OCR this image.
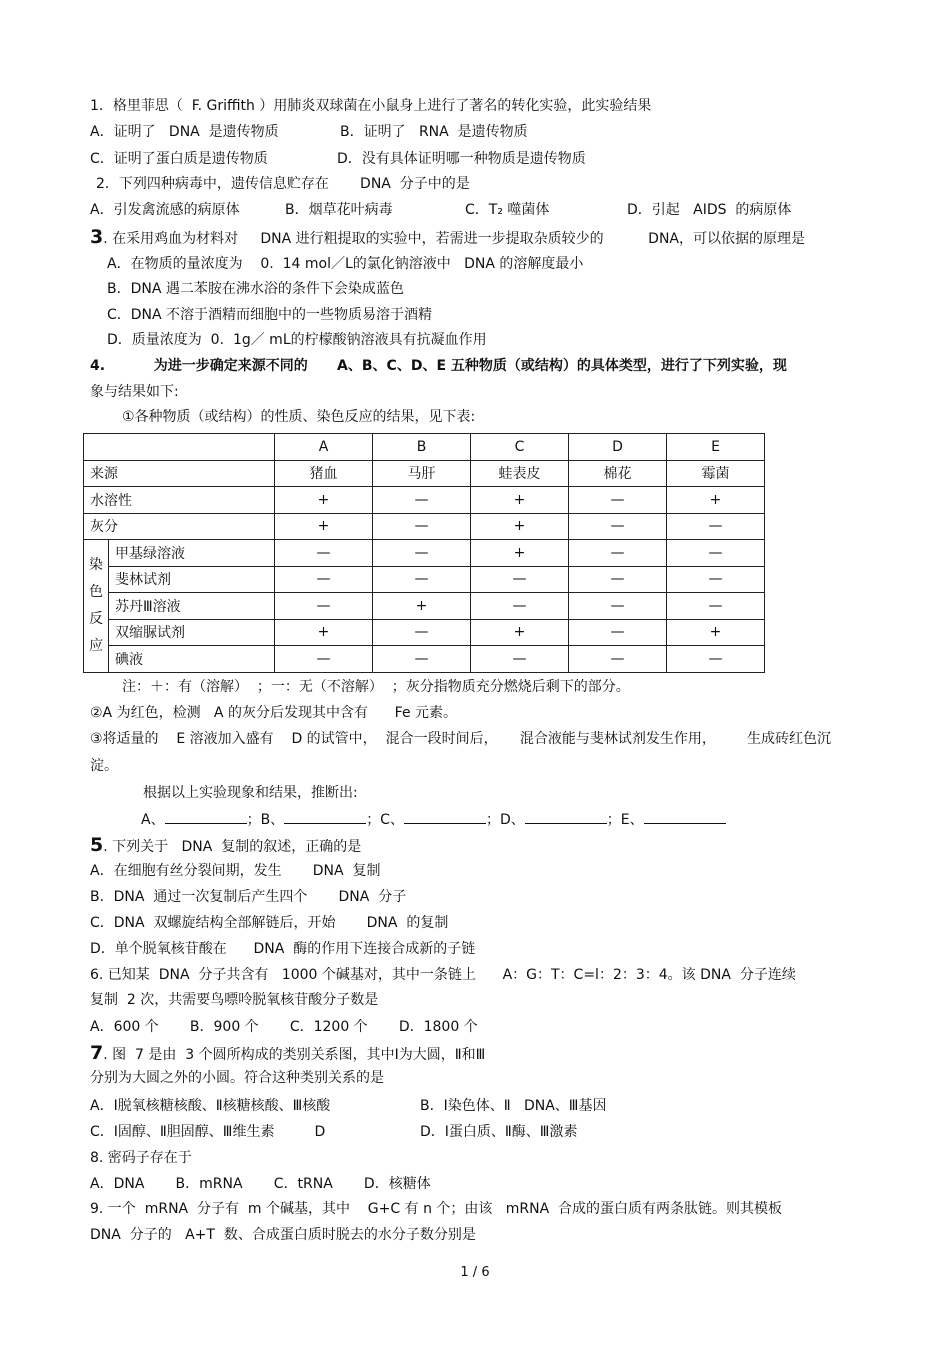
1．格里菲思（  F. Griffith ）用肺炎双球菌在小鼠身上进行了著名的转化实验，此实验结果
A．证明了   DNA  是遗传物质	B．证明了   RNA  是遗传物质
C．证明了蛋白质是遗传物质	D．没有具体证明哪一种物质是遗传物质
2．下列四种病毒中，遗传信息贮存在       DNA  分子中的是
A．引发禽流感的病原体	B．烟草花叶病毒	C．T₂ 噬菌体	D．引起   AIDS  的病原体
3. 在采用鸡血为材料对     DNA 进行粗提取的实验中，若需进一步提取杂质较少的          DNA，可以依据的原理是
A．在物质的量浓度为    0.  14 mol／L的氯化钠溶液中   DNA 的溶解度最小
B．DNA 遇二苯胺在沸水浴的条件下会染成蓝色
C．DNA 不溶于酒精而细胞中的一些物质易溶于酒精
D．质量浓度为  0.  1g／ mL的柠檬酸钠溶液具有抗凝血作用
4.          为进一步确定来源不同的      A、B、C、D、E 五种物质（或结构）的具体类型，进行了下列实验，现
象与结果如下:
①各种物质（或结构）的性质、染色反应的结果，见下表:
		A	B	C	D	E
来源		猪血	马肝	蛙表皮	棉花	霉菌
水溶性		+	—	+	—	+
灰分		+	—	+	—	—

染
色
反
应	甲基绿溶液	—	—	+	—	—
	斐林试剂	—	—	—	—	—
	苏丹Ⅲ溶液	—	+	—	—	—
	双缩脲试剂	+	—	+	—	+
	碘液	—	—	—	—	—
注：＋：有（溶解）  ；一：无（不溶解）  ；灰分指物质充分燃烧后剩下的部分。
②A 为红色，检测   A 的灰分后发现其中含有      Fe 元素。
③将适量的    E 溶液加入盛有    D 的试管中，  混合一段时间后，     混合液能与斐林试剂发生作用，       生成砖红色沉
淀。
根据以上实验现象和结果，推断出:
A、	；B、	；C、	；D、	；E、
5. 下列关于   DNA  复制的叙述，正确的是
A．在细胞有丝分裂间期，发生       DNA  复制
B．DNA  通过一次复制后产生四个       DNA  分子
C．DNA  双螺旋结构全部解链后，开始       DNA  的复制
D．单个脱氧核苷酸在      DNA  酶的作用下连接合成新的子链
6. 已知某  DNA  分子共含有   1000 个碱基对，其中一条链上      A：G：T：C=l：2：3：4。该 DNA  分子连续
复制  2 次，共需要鸟嘌呤脱氧核苷酸分子数是
A．600 个       B．900 个       C．1200 个       D．1800 个
7. 图  7 是由  3 个圆所构成的类别关系图，其中Ⅰ为大圆，Ⅱ和Ⅲ
分别为大圆之外的小圆。符合这种类别关系的是
A．Ⅰ脱氧核糖核酸、Ⅱ核糖核酸、Ⅲ核酸	B．Ⅰ染色体、Ⅱ   DNA、Ⅲ基因
C．Ⅰ固醇、Ⅱ胆固醇、Ⅲ维生素         D	D．Ⅰ蛋白质、Ⅱ酶、Ⅲ激素
8. 密码子存在于
A．DNA       B．mRNA       C．tRNA       D．核糖体
9. 一个  mRNA  分子有  m 个碱基，其中    G+C 有 n 个；由该   mRNA  合成的蛋白质有两条肽链。则其模板
DNA  分子的   A+T  数、合成蛋白质时脱去的水分子数分别是
1 / 6
